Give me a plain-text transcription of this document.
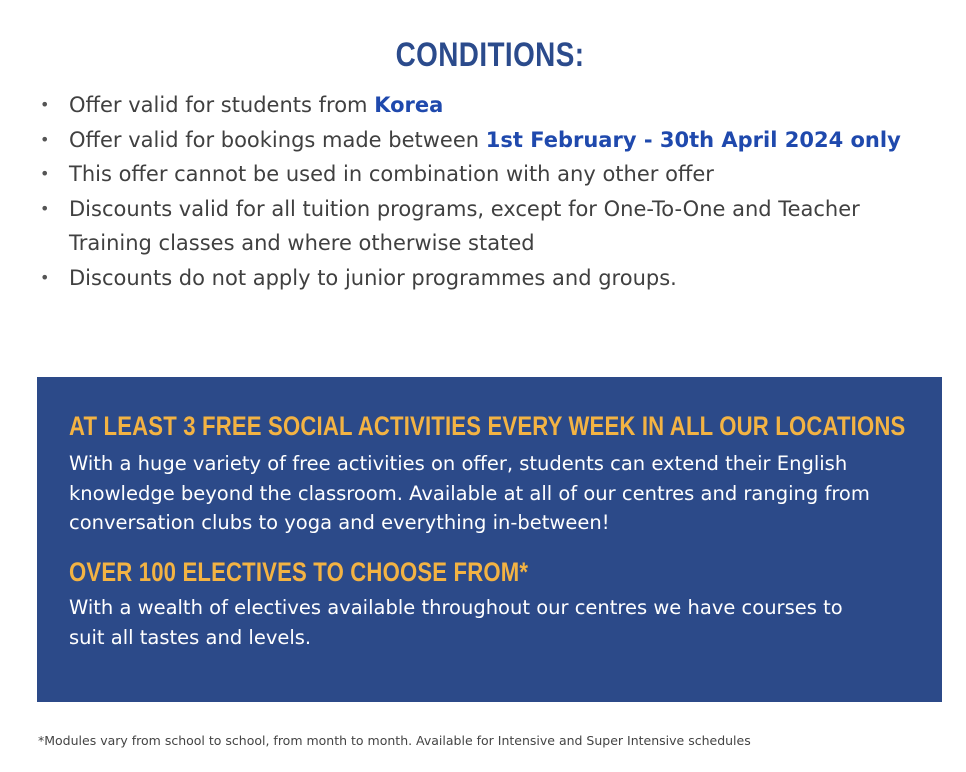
CONDITIONS:
• Offer valid for students from Korea
• Offer valid for bookings made between 1st February - 30th April 2024 only
• This offer cannot be used in combination with any other offer
• Discounts valid for all tuition programs, except for One-To-One and Teacher
Training classes and where otherwise stated
• Discounts do not apply to junior programmes and groups.
AT LEAST 3 FREE SOCIAL ACTIVITIES EVERY WEEK IN ALL OUR LOCATIONS
With a huge variety of free activities on offer, students can extend their English
knowledge beyond the classroom. Available at all of our centres and ranging from
conversation clubs to yoga and everything in-between!
OVER 100 ELECTIVES TO CHOOSE FROM*
With a wealth of electives available throughout our centres we have courses to
suit all tastes and levels.
*Modules vary from school to school, from month to month. Available for Intensive and Super Intensive schedules
